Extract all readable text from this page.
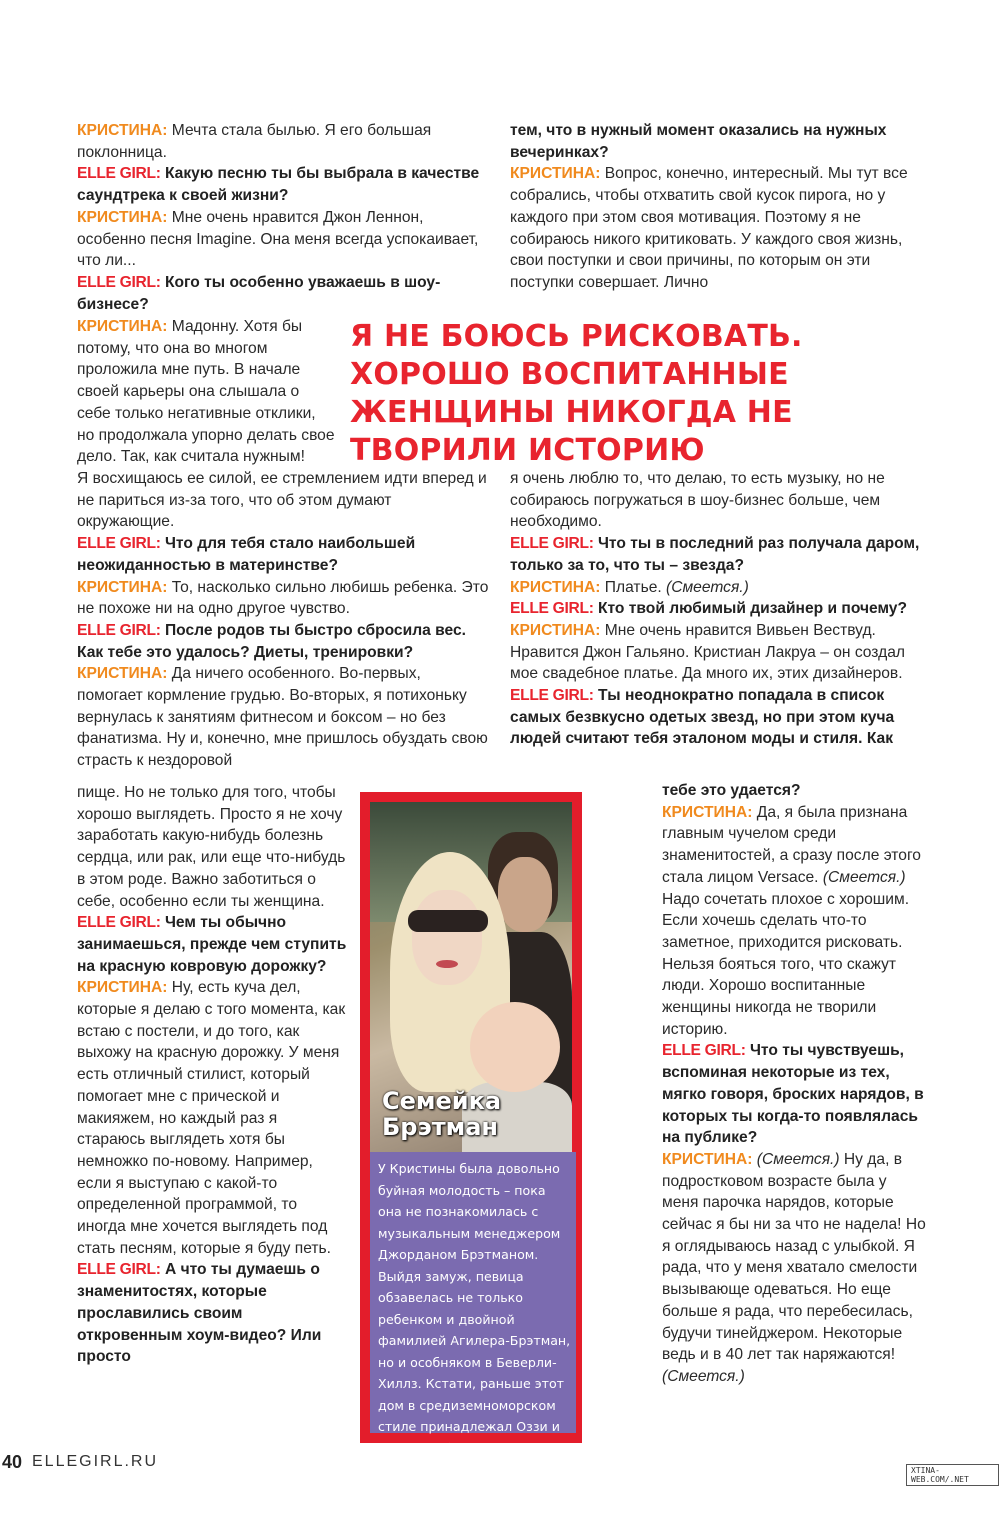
КРИСТИНА: Мечта стала былью. Я его большая поклонница.

ELLE GIRL: Какую песню ты бы выбрала в качестве саундтрека к своей жизни?

КРИСТИНА: Мне очень нравится Джон Леннон, особенно песня Imagine. Она меня всегда успокаивает, что ли...

ELLE GIRL: Кого ты особенно уважаешь в шоу-бизнесе?

КРИСТИНА: Мадонну. Хотя бы потому, что она во многом проложила мне путь. В начале своей карьеры она слышала о себе только негативные отклики, но продолжала упорно делать свое дело. Так, как считала нужным!

Я восхищаюсь ее силой, ее стремлением идти вперед и не париться из-за того, что об этом думают окружающие.

ELLE GIRL: Что для тебя стало наибольшей неожиданностью в материнстве?

КРИСТИНА: То, насколько сильно любишь ребенка. Это не похоже ни на одно другое чувство.

ELLE GIRL: После родов ты быстро сбросила вес. Как тебе это удалось? Диеты, тренировки?

КРИСТИНА: Да ничего особенного. Во-первых, помогает кормление грудью. Во-вторых, я потихоньку вернулась к занятиям фитнесом и боксом – но без фанатизма. Ну и, конечно, мне пришлось обуздать свою страсть к нездоровой

пище. Но не только для того, чтобы хорошо выглядеть. Просто я не хочу заработать какую-нибудь болезнь сердца, или рак, или еще что-нибудь в этом роде. Важно заботиться о себе, особенно если ты женщина.

ELLE GIRL: Чем ты обычно занимаешься, прежде чем ступить на красную ковровую дорожку?

КРИСТИНА: Ну, есть куча дел, которые я делаю с того момента, как встаю с постели, и до того, как выхожу на красную дорожку. У меня есть отличный стилист, который помогает мне с прической и макияжем, но каждый раз я стараюсь выглядеть хотя бы немножко по-новому. Например, если я выступаю с какой-то определенной программой, то иногда мне хочется выглядеть под стать песням, которые я буду петь.

ELLE GIRL: А что ты думаешь о знаменитостях, которые прославились своим откровенным хоум-видео? Или просто

тем, что в нужный момент оказались на нужных вечеринках?

КРИСТИНА: Вопрос, конечно, интересный. Мы тут все собрались, чтобы отхватить свой кусок пирога, но у каждого при этом своя мотивация. Поэтому я не собираюсь никого критиковать. У каждого своя жизнь, свои поступки и свои причины, по которым он эти поступки совершает. Лично

я очень люблю то, что делаю, то есть музыку, но не собираюсь погружаться в шоу-бизнес больше, чем необходимо.

ELLE GIRL: Что ты в последний раз получала даром, только за то, что ты – звезда?

КРИСТИНА: Платье. (Смеется.)

ELLE GIRL: Кто твой любимый дизайнер и почему?

КРИСТИНА: Мне очень нравится Вивьен Вествуд. Нравится Джон Гальяно. Кристиан Лакруа – он создал мое свадебное платье. Да много их, этих дизайнеров.

ELLE GIRL: Ты неоднократно попадала в список самых безвкусно одетых звезд, но при этом куча людей считают тебя эталоном моды и стиля. Как

тебе это удается?

КРИСТИНА: Да, я была признана главным чучелом среди знаменитостей, а сразу после этого стала лицом Versace. (Смеется.) Надо сочетать плохое с хорошим. Если хочешь сделать что-то заметное, приходится рисковать. Нельзя бояться того, что скажут люди. Хорошо воспитанные женщины никогда не творили историю.

ELLE GIRL: Что ты чувствуешь, вспоминая некоторые из тех, мягко говоря, броских нарядов, в которых ты когда-то появлялась на публике?

КРИСТИНА: (Смеется.) Ну да, в подростковом возрасте была у меня парочка нарядов, которые сейчас я бы ни за что не надела! Но я оглядываюсь назад с улыбкой. Я рада, что у меня хватало смелости вызывающе одеваться. Но еще больше я рада, что перебесилась, будучи тинейджером. Некоторые ведь и в 40 лет так наряжаются! (Смеется.)

Я НЕ БОЮСЬ РИСКОВАТЬ. ХОРОШО ВОСПИТАННЫЕ ЖЕНЩИНЫ НИКОГДА НЕ ТВОРИЛИ ИСТОРИЮ
Семейка Брэтман
У Кристины была довольно буйная молодость – пока она не познакомилась с музыкальным менеджером Джорданом Брэтманом. Выйдя замуж, певица обзавелась не только ребенком и двойной фамилией Агилера-Брэтман, но и особняком в Беверли-Хиллз. Кстати, раньше этот дом в средиземноморском стиле принадлежал Оззи и Шэрон Осборн – именно в нем снималось реалити-шоу о жизни экстравагантной семейки.
40 ELLEGIRL.RU
XTINA-WEB.COM/.NET
